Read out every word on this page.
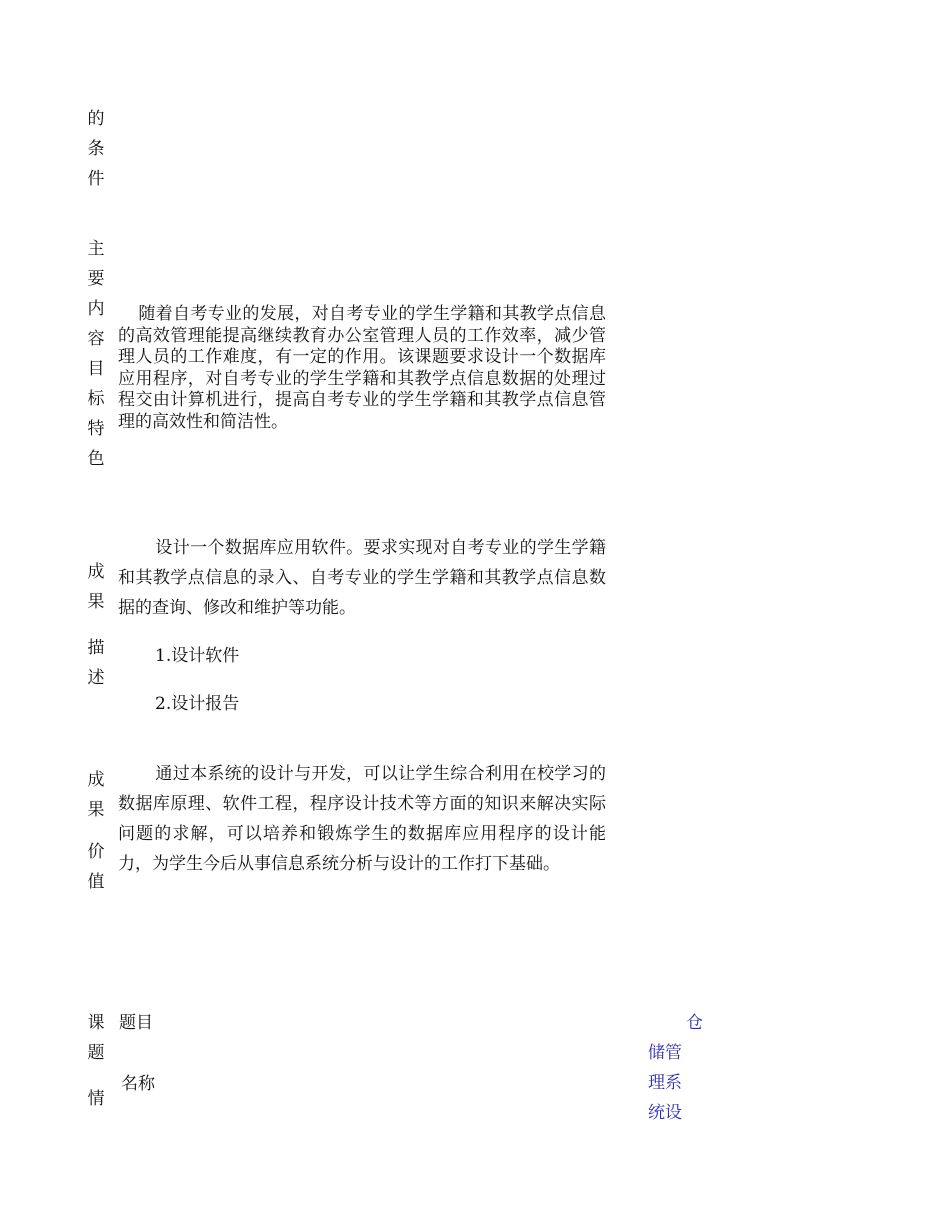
的
条
件
主
要
内
容
目
标
特
色

随着自考专业的发展，对自考专业的学生学籍和其教学点信息的高效管理能提高继续教育办公室管理人员的工作效率，减少管理人员的工作难度，有一定的作用。该课题要求设计一个数据库应用程序，对自考专业的学生学籍和其教学点信息数据的处理过程交由计算机进行，提高自考专业的学生学籍和其教学点信息管理的高效性和简洁性。

成
果
描
述

设计一个数据库应用软件。要求实现对自考专业的学生学籍和其教学点信息的录入、自考专业的学生学籍和其教学点信息数据的查询、修改和维护等功能。

1.设计软件
2.设计报告
成
果
价
值

通过本系统的设计与开发，可以让学生综合利用在校学习的数据库原理、软件工程，程序设计技术等方面的知识来解决实际问题的求解，可以培养和锻炼学生的数据库应用程序的设计能力，为学生今后从事信息系统分析与设计的工作打下基础。

课
题
情
题目
名称
仓
储管
理系
统设
